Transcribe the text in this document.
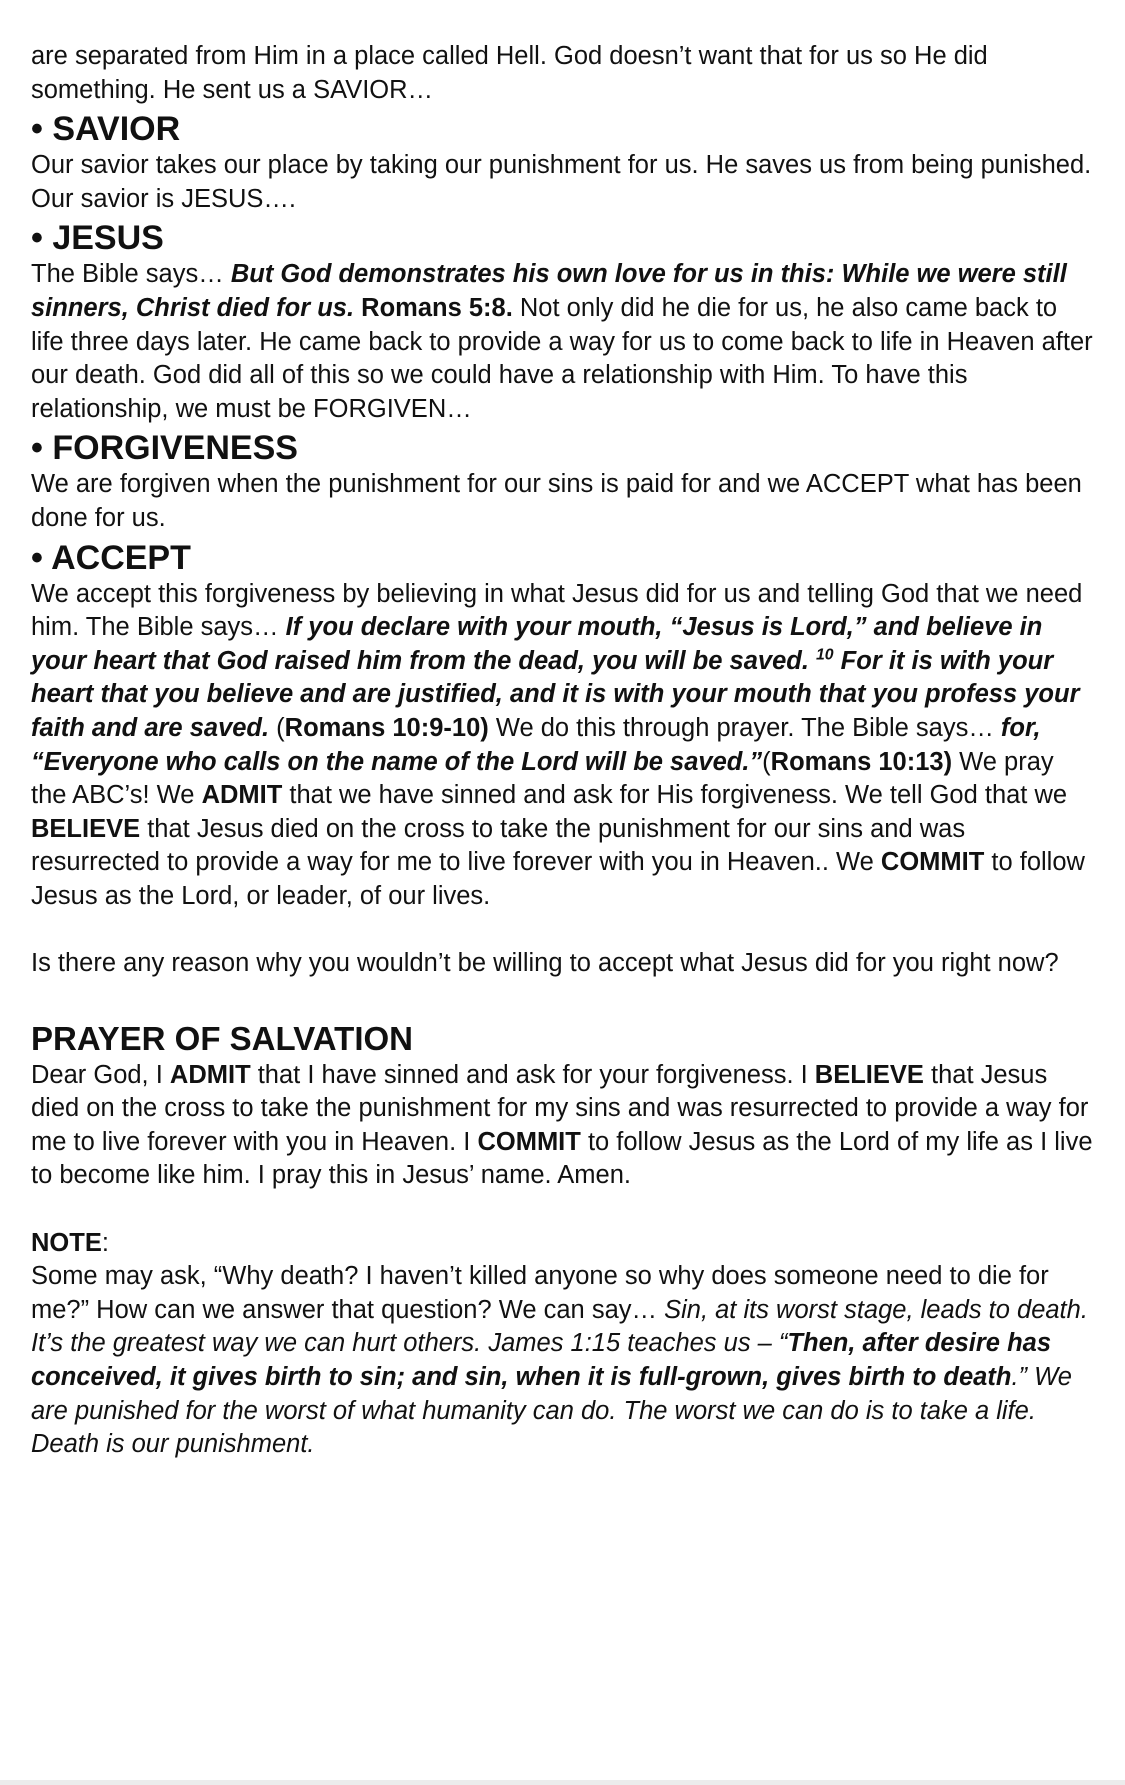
are separated from Him in a place called Hell. God doesn’t want that for us so He did something. He sent us a SAVIOR…

• SAVIOR

Our savior takes our place by taking our punishment for us. He saves us from being punished. Our savior is JESUS….

• JESUS

The Bible says… But God demonstrates his own love for us in this: While we were still sinners, Christ died for us. Romans 5:8. Not only did he die for us, he also came back to life three days later. He came back to provide a way for us to come back to life in Heaven after our death. God did all of this so we could have a relationship with Him. To have this relationship, we must be FORGIVEN…

• FORGIVENESS

We are forgiven when the punishment for our sins is paid for and we ACCEPT what has been done for us.

• ACCEPT

We accept this forgiveness by believing in what Jesus did for us and telling God that we need him. The Bible says… If you declare with your mouth, “Jesus is Lord,” and believe in your heart that God raised him from the dead, you will be saved. $^{10}$ For it is with your heart that you believe and are justified, and it is with your mouth that you profess your faith and are saved. (Romans 10:9-10) We do this through prayer. The Bible says… for, “Everyone who calls on the name of the Lord will be saved.”(Romans 10:13) We pray the ABC’s! We ADMIT that we have sinned and ask for His forgiveness. We tell God that we BELIEVE that Jesus died on the cross to take the punishment for our sins and was resurrected to provide a way for me to live forever with you in Heaven.. We COMMIT to follow Jesus as the Lord, or leader, of our lives.

Is there any reason why you wouldn’t be willing to accept what Jesus did for you right now?

PRAYER OF SALVATION

Dear God, I ADMIT that I have sinned and ask for your forgiveness. I BELIEVE that Jesus died on the cross to take the punishment for my sins and was resurrected to provide a way for me to live forever with you in Heaven. I COMMIT to follow Jesus as the Lord of my life as I live to become like him. I pray this in Jesus’ name. Amen.

NOTE:

Some may ask, “Why death? I haven’t killed anyone so why does someone need to die for me?” How can we answer that question? We can say… Sin, at its worst stage, leads to death. It’s the greatest way we can hurt others. James 1:15 teaches us – “Then, after desire has conceived, it gives birth to sin; and sin, when it is full-grown, gives birth to death.” We are punished for the worst of what humanity can do. The worst we can do is to take a life. Death is our punishment.
